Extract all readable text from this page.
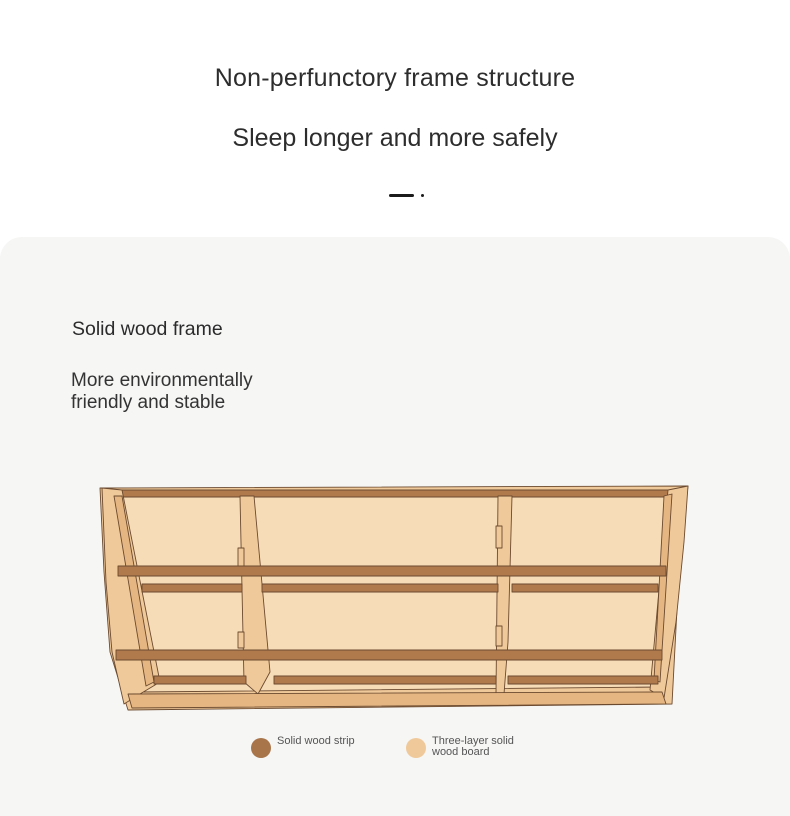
Non-perfunctory frame structure
Sleep longer and more safely
Solid wood frame
More environmentally friendly and stable
Solid wood strip	Three-layer solid wood board
